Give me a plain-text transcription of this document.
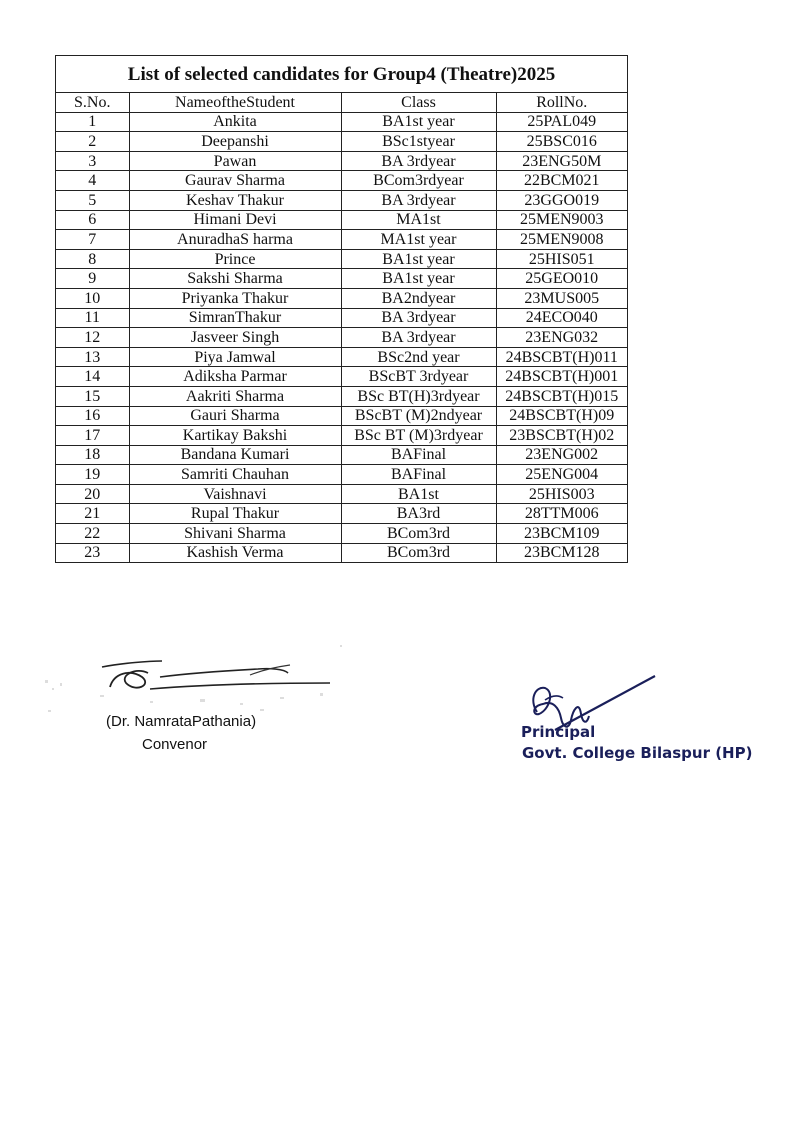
List of selected candidates for Group4 (Theatre)2025
S.No.	NameoftheStudent	Class	RollNo.
1	Ankita	BA1st year	25PAL049
2	Deepanshi	BSc1styear	25BSC016
3	Pawan	BA 3rdyear	23ENG50M
4	Gaurav Sharma	BCom3rdyear	22BCM021
5	Keshav Thakur	BA 3rdyear	23GGO019
6	Himani Devi	MA1st	25MEN9003
7	AnuradhaS harma	MA1st year	25MEN9008
8	Prince	BA1st year	25HIS051
9	Sakshi Sharma	BA1st year	25GEO010
10	Priyanka Thakur	BA2ndyear	23MUS005
11	SimranThakur	BA 3rdyear	24ECO040
12	Jasveer Singh	BA 3rdyear	23ENG032
13	Piya Jamwal	BSc2nd year	24BSCBT(H)011
14	Adiksha Parmar	BScBT 3rdyear	24BSCBT(H)001
15	Aakriti Sharma	BSc BT(H)3rdyear	24BSCBT(H)015
16	Gauri Sharma	BScBT (M)2ndyear	24BSCBT(H)09
17	Kartikay Bakshi	BSc BT (M)3rdyear	23BSCBT(H)02
18	Bandana Kumari	BAFinal	23ENG002
19	Samriti Chauhan	BAFinal	25ENG004
20	Vaishnavi	BA1st	25HIS003
21	Rupal Thakur	BA3rd	28TTM006
22	Shivani Sharma	BCom3rd	23BCM109
23	Kashish Verma	BCom3rd	23BCM128
(Dr. NamrataPathania)
Convenor
Principal
Govt. College Bilaspur (HP)
